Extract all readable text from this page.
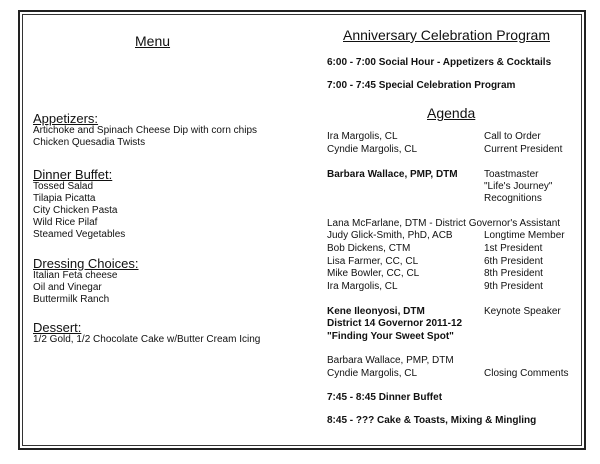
Menu
Appetizers:
Artichoke and Spinach Cheese Dip with corn chips
Chicken Quesadia Twists
Dinner Buffet:
Tossed Salad
Tilapia Picatta
City Chicken Pasta
Wild Rice Pilaf
Steamed Vegetables
Dressing Choices:
Italian Feta cheese
Oil and Vinegar
Buttermilk Ranch
Dessert:
1/2 Gold, 1/2 Chocolate Cake w/Butter Cream Icing
Anniversary Celebration Program
6:00 - 7:00 Social Hour - Appetizers & Cocktails
7:00 - 7:45 Special Celebration Program
Agenda
Ira Margolis, CL	Call to Order
Cyndie Margolis, CL	Current President
Barbara Wallace, PMP, DTM	Toastmaster
"Life's Journey"
Recognitions
Lana McFarlane, DTM - District Governor's Assistant
Judy Glick-Smith, PhD, ACB	Longtime Member
Bob Dickens, CTM	1st President
Lisa Farmer, CC, CL	6th President
Mike Bowler, CC, CL	8th President
Ira Margolis, CL	9th President
Kene Ileonyosi, DTM	Keynote Speaker
District 14 Governor 2011-12
"Finding Your Sweet Spot"
Barbara Wallace, PMP, DTM
Cyndie Margolis, CL	Closing Comments
7:45 - 8:45 Dinner Buffet
8:45 - ??? Cake & Toasts, Mixing & Mingling
